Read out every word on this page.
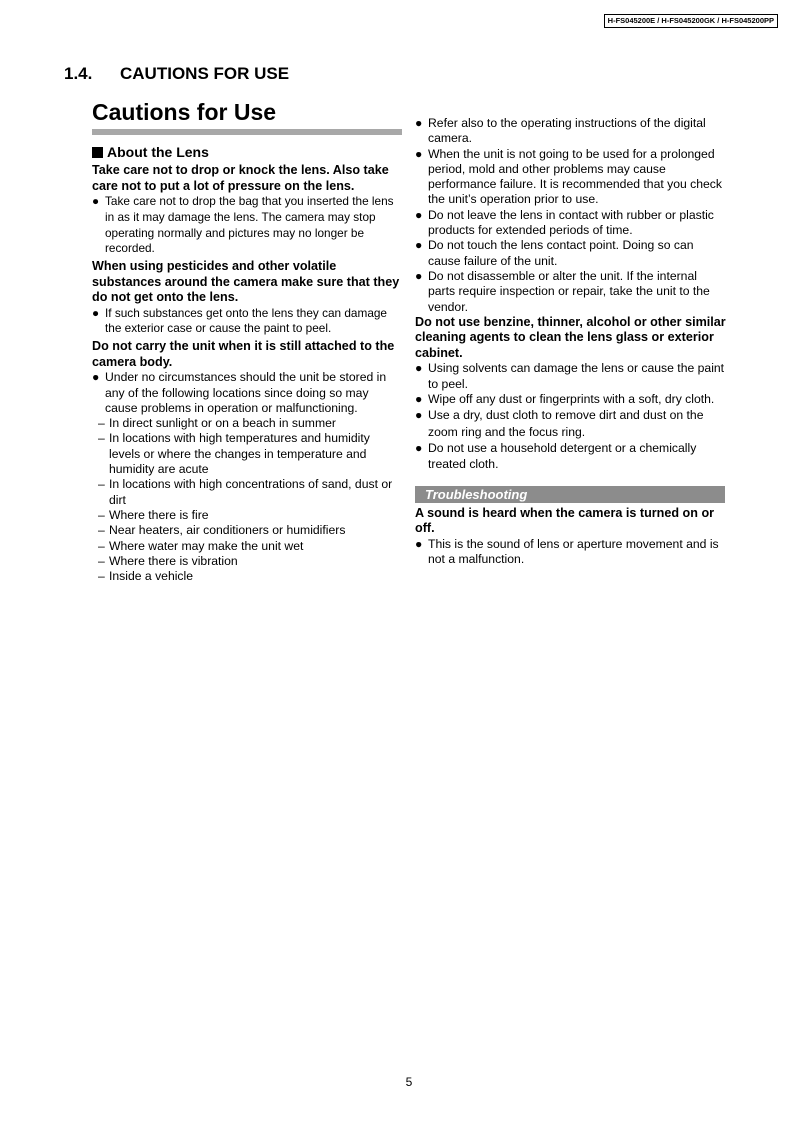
H-FS045200E / H-FS045200GK / H-FS045200PP
1.4. CAUTIONS FOR USE
Cautions for Use
About the Lens

Take care not to drop or knock the lens. Also take care not to put a lot of pressure on the lens.

● Take care not to drop the bag that you inserted the lens in as it may damage the lens. The camera may stop operating normally and pictures may no longer be recorded.

When using pesticides and other volatile substances around the camera make sure that they do not get onto the lens.

● If such substances get onto the lens they can damage the exterior case or cause the paint to peel.

Do not carry the unit when it is still attached to the camera body.

● Under no circumstances should the unit be stored in any of the following locations since doing so may cause problems in operation or malfunctioning.

– In direct sunlight or on a beach in summer

– In locations with high temperatures and humidity levels or where the changes in temperature and humidity are acute

– In locations with high concentrations of sand, dust or dirt

– Where there is fire

– Near heaters, air conditioners or humidifiers

– Where water may make the unit wet

– Where there is vibration

– Inside a vehicle

● Refer also to the operating instructions of the digital camera.

● When the unit is not going to be used for a prolonged period, mold and other problems may cause performance failure. It is recommended that you check the unit’s operation prior to use.

● Do not leave the lens in contact with rubber or plastic products for extended periods of time.

● Do not touch the lens contact point. Doing so can cause failure of the unit.

● Do not disassemble or alter the unit. If the internal parts require inspection or repair, take the unit to the vendor.

Do not use benzine, thinner, alcohol or other similar cleaning agents to clean the lens glass or exterior cabinet.

● Using solvents can damage the lens or cause the paint to peel.

● Wipe off any dust or fingerprints with a soft, dry cloth.

● Use a dry, dust cloth to remove dirt and dust on the zoom ring and the focus ring.

● Do not use a household detergent or a chemically treated cloth.

Troubleshooting

A sound is heard when the camera is turned on or off.

● This is the sound of lens or aperture movement and is not a malfunction.

5
